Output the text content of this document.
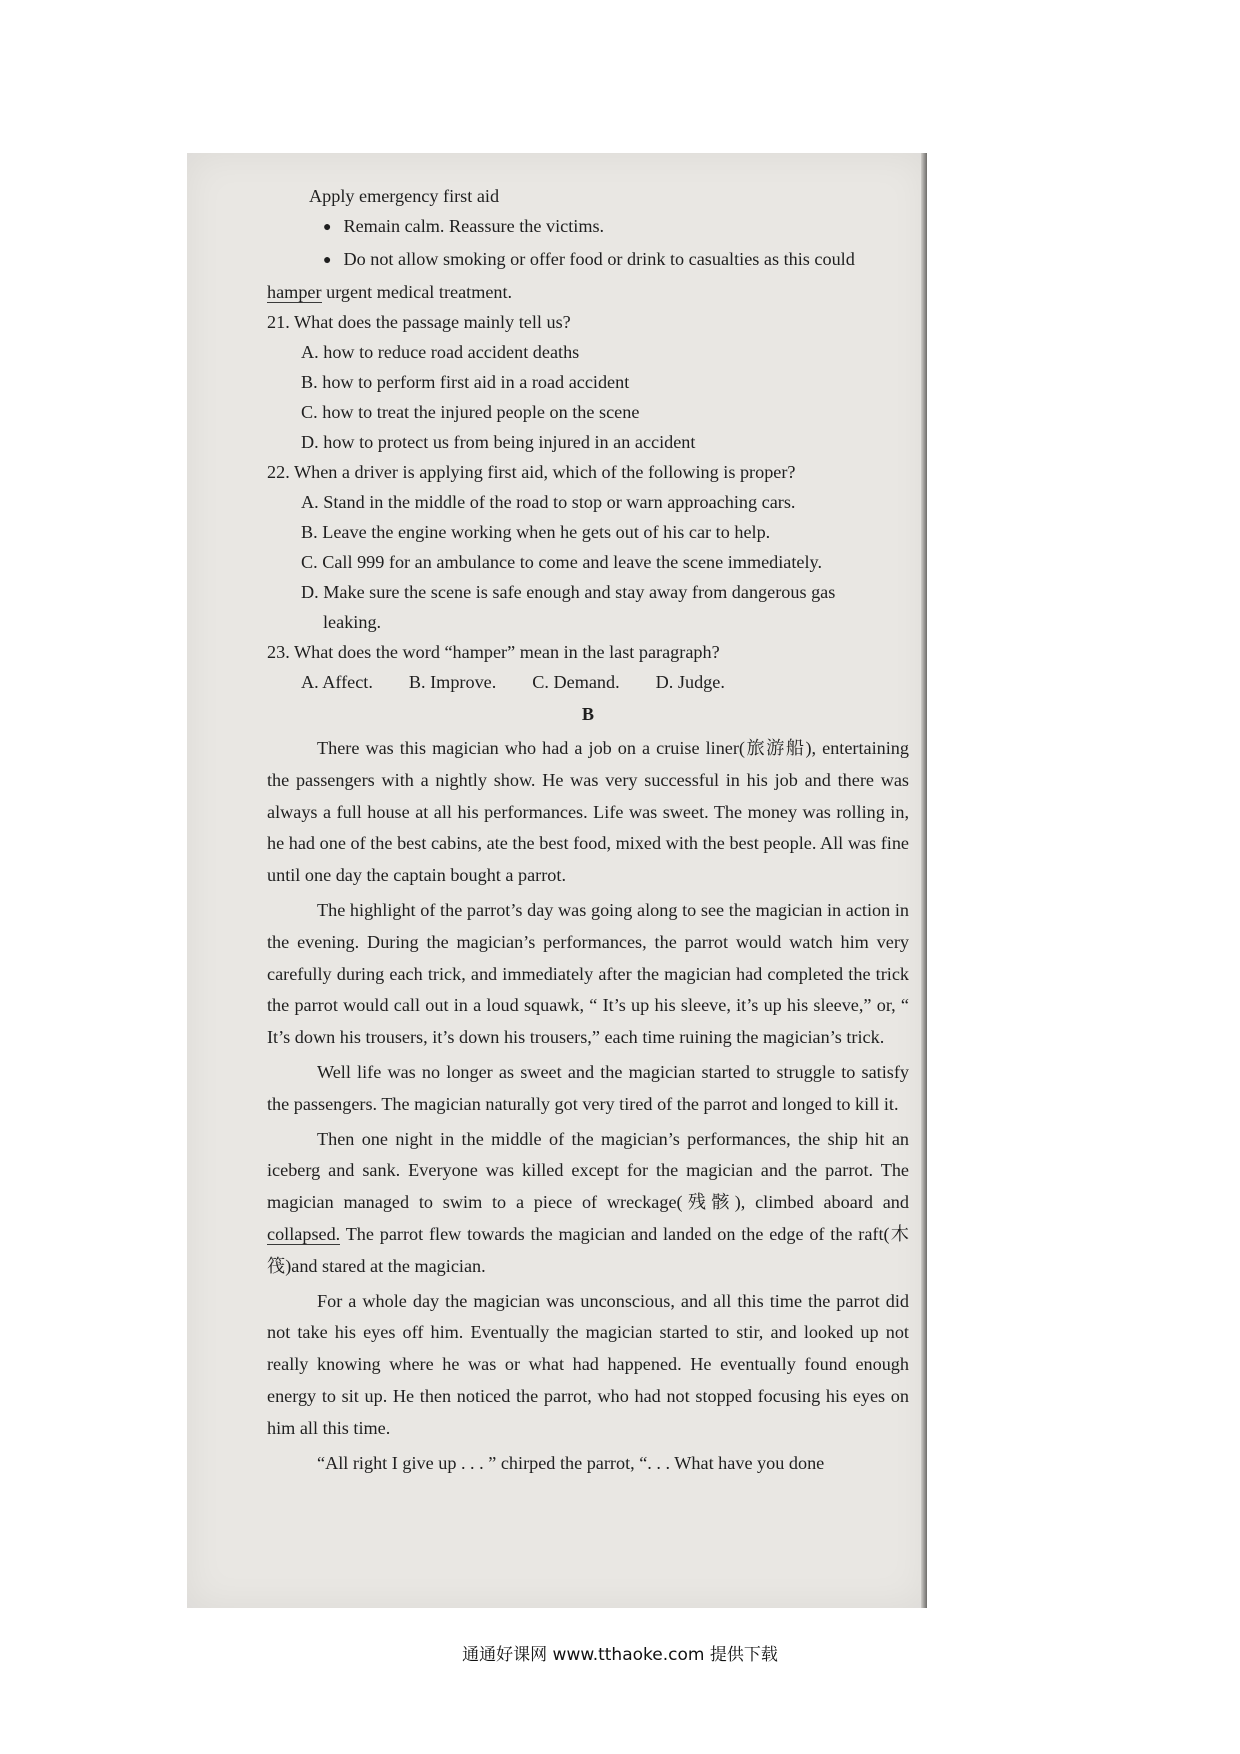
Apply emergency first aid

● Remain calm. Reassure the victims.

● Do not allow smoking or offer food or drink to casualties as this could

hamper urgent medical treatment.

21. What does the passage mainly tell us?

A. how to reduce road accident deaths

B. how to perform first aid in a road accident

C. how to treat the injured people on the scene

D. how to protect us from being injured in an accident

22. When a driver is applying first aid, which of the following is proper?

A. Stand in the middle of the road to stop or warn approaching cars.

B. Leave the engine working when he gets out of his car to help.

C. Call 999 for an ambulance to come and leave the scene immediately.

D. Make sure the scene is safe enough and stay away from dangerous gas

leaking.

23. What does the word “hamper” mean in the last paragraph?

A. Affect. B. Improve. C. Demand. D. Judge.

B

There was this magician who had a job on a cruise liner(旅游船), entertaining the passengers with a nightly show. He was very successful in his job and there was always a full house at all his performances. Life was sweet. The money was rolling in, he had one of the best cabins, ate the best food, mixed with the best people. All was fine until one day the captain bought a parrot.

The highlight of the parrot’s day was going along to see the magician in action in the evening. During the magician’s performances, the parrot would watch him very carefully during each trick, and immediately after the magician had completed the trick the parrot would call out in a loud squawk, “ It’s up his sleeve, it’s up his sleeve,” or, “ It’s down his trousers, it’s down his trousers,” each time ruining the magician’s trick.

Well life was no longer as sweet and the magician started to struggle to satisfy the passengers. The magician naturally got very tired of the parrot and longed to kill it.

Then one night in the middle of the magician’s performances, the ship hit an iceberg and sank. Everyone was killed except for the magician and the parrot. The magician managed to swim to a piece of wreckage(残骸), climbed aboard and collapsed. The parrot flew towards the magician and landed on the edge of the raft(木筏)and stared at the magician.

For a whole day the magician was unconscious, and all this time the parrot did not take his eyes off him. Eventually the magician started to stir, and looked up not really knowing where he was or what had happened. He eventually found enough energy to sit up. He then noticed the parrot, who had not stopped focusing his eyes on him all this time.

“All right I give up . . . ” chirped the parrot, “. . . What have you done

通通好课网 www.tthaoke.com 提供下载
